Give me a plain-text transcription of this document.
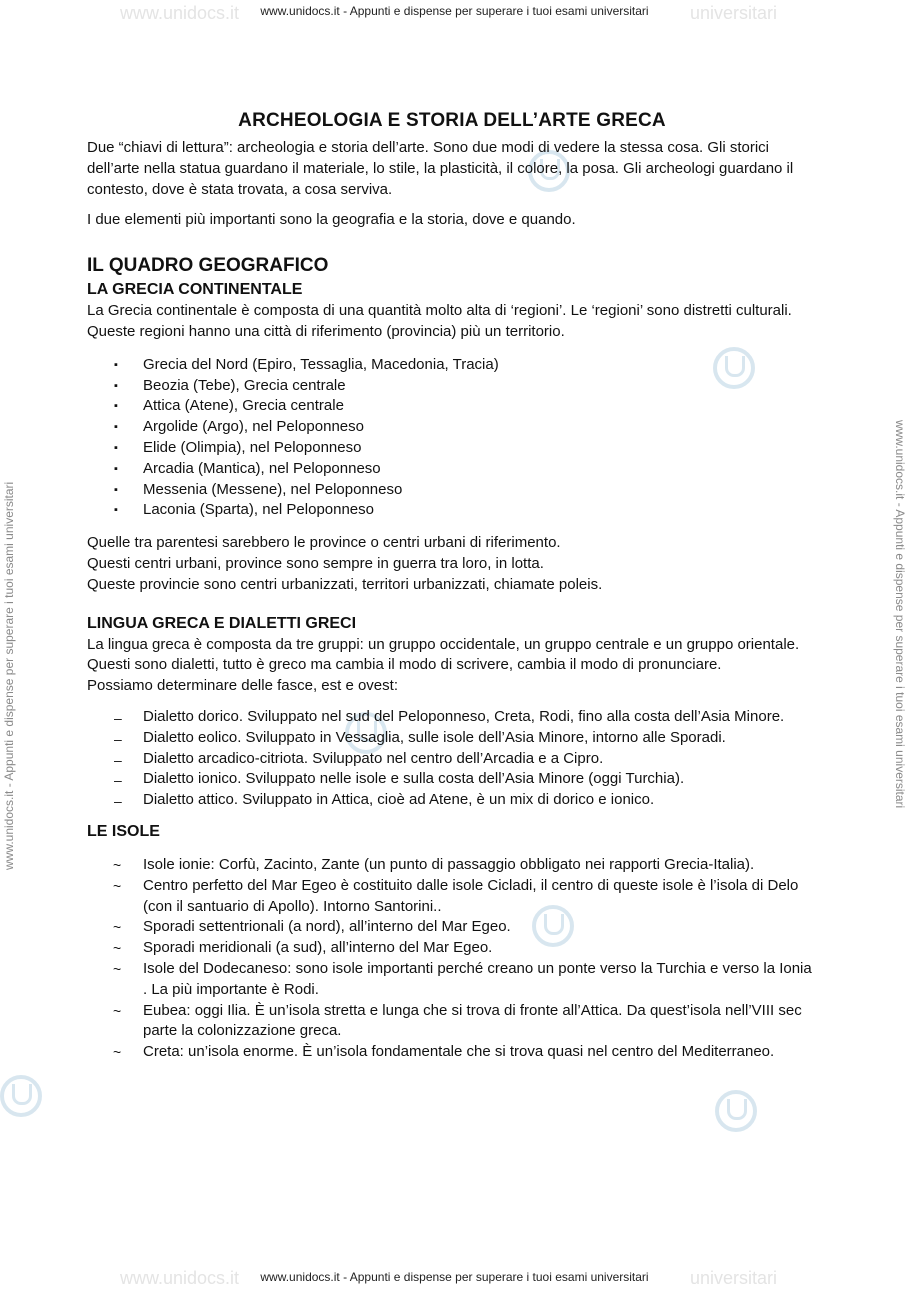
www.unidocs.it	universitari
www.unidocs.it	universitari
www.unidocs.it - Appunti e dispense per superare i tuoi esami universitari
www.unidocs.it - Appunti e dispense per superare i tuoi esami universitari
www.unidocs.it - Appunti e dispense per superare i tuoi esami universitari	www.unidocs.it - Appunti e dispense per superare i tuoi esami universitari
ARCHEOLOGIA E STORIA DELL’ARTE GRECA

Due “chiavi di lettura”: archeologia e storia dell’arte. Sono due modi di vedere la stessa cosa. Gli storici dell’arte nella statua guardano il materiale, lo stile, la plasticità, il colore, la posa. Gli archeologi guardano il contesto, dove è stata trovata, a cosa serviva.

I due elementi più importanti sono la geografia e la storia, dove e quando.

IL QUADRO GEOGRAFICO
LA GRECIA CONTINENTALE

La Grecia continentale è composta di una quantità molto alta di ‘regioni’. Le ‘regioni’ sono distretti culturali. Queste regioni hanno una città di riferimento (provincia) più un territorio.

▪ Grecia del Nord (Epiro, Tessaglia, Macedonia, Tracia)
▪ Beozia (Tebe), Grecia centrale
▪ Attica (Atene), Grecia centrale
▪ Argolide (Argo), nel Peloponneso
▪ Elide (Olimpia), nel Peloponneso
▪ Arcadia (Mantica), nel Peloponneso
▪ Messenia (Messene), nel Peloponneso
▪ Laconia (Sparta), nel Peloponneso
Quelle tra parentesi sarebbero le province o centri urbani di riferimento.
Questi centri urbani, province sono sempre in guerra tra loro, in lotta.
Queste provincie sono centri urbanizzati, territori urbanizzati, chiamate poleis.
LINGUA GRECA E DIALETTI GRECI

La lingua greca è composta da tre gruppi: un gruppo occidentale, un gruppo centrale e un gruppo orientale. Questi sono dialetti, tutto è greco ma cambia il modo di scrivere, cambia il modo di pronunciare.

Possiamo determinare delle fasce, est e ovest:

– Dialetto dorico. Sviluppato nel sud del Peloponneso, Creta, Rodi, fino alla costa dell’Asia Minore.
– Dialetto eolico. Sviluppato in Vessaglia, sulle isole dell’Asia Minore, intorno alle Sporadi.
– Dialetto arcadico-citriota. Sviluppato nel centro dell’Arcadia e a Cipro.
– Dialetto ionico. Sviluppato nelle isole e sulla costa dell’Asia Minore (oggi Turchia).
– Dialetto attico. Sviluppato in Attica, cioè ad Atene, è un mix di dorico e ionico.
LE ISOLE
~ Isole ionie: Corfù, Zacinto, Zante (un punto di passaggio obbligato nei rapporti Grecia-Italia).
~ Centro perfetto del Mar Egeo è costituito dalle isole Cicladi, il centro di queste isole è l’isola di Delo (con il santuario di Apollo). Intorno Santorini..
~ Sporadi settentrionali (a nord), all’interno del Mar Egeo.
~ Sporadi meridionali (a sud), all’interno del Mar Egeo.
~ Isole del Dodecaneso: sono isole importanti perché creano un ponte verso la Turchia e verso la Ionia . La più importante è Rodi.
~ Eubea: oggi Ilia. È un’isola stretta e lunga che si trova di fronte all’Attica. Da quest’isola nell’VIII sec parte la colonizzazione greca.
~ Creta: un’isola enorme. È un’isola fondamentale che si trova quasi nel centro del Mediterraneo.
